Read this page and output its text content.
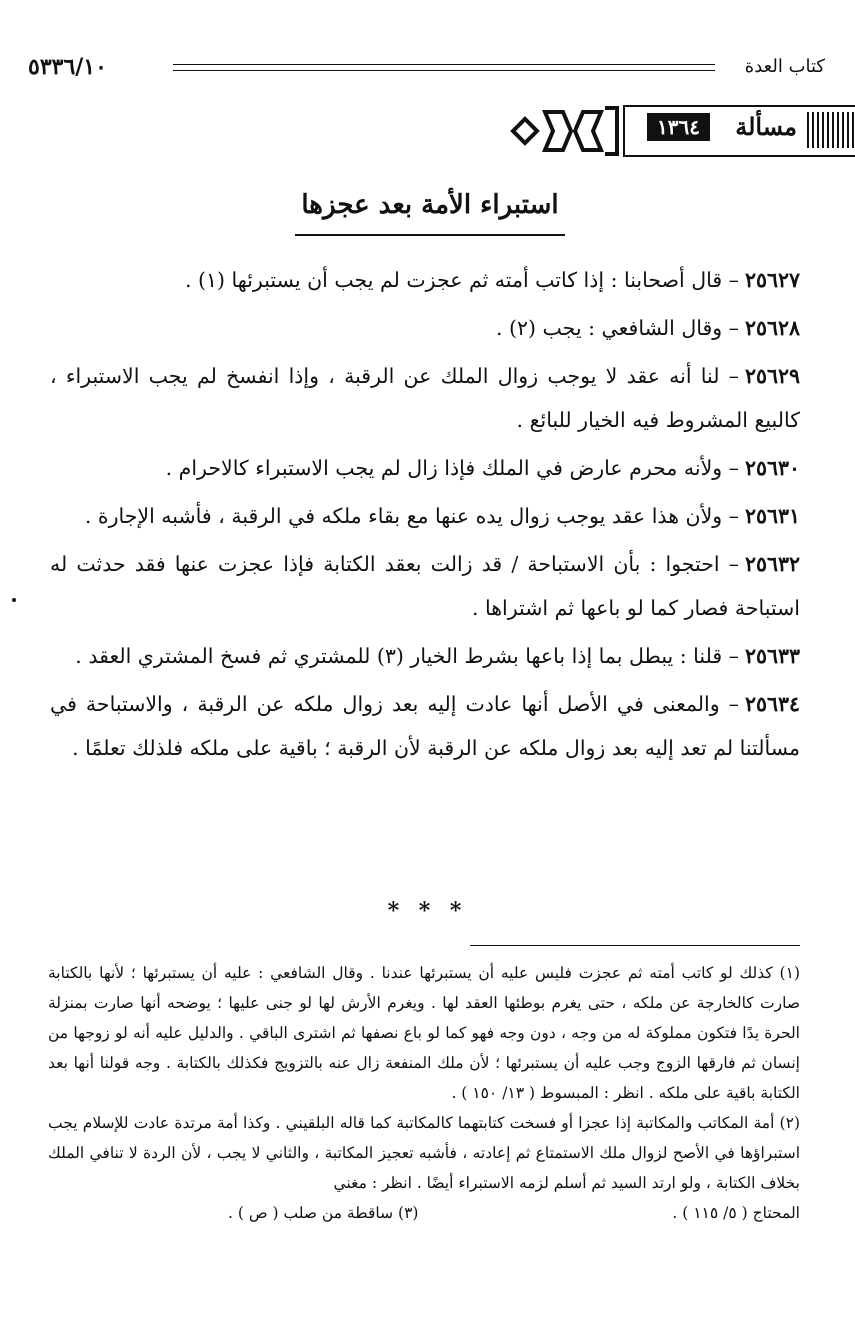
٥٣٣٦/١٠	كتاب العدة
١٣٦٤	مسألة
استبراء الأمة بعد عجزها

٢٥٦٢٧– قال أصحابنا : إذا كاتب أمته ثم عجزت لم يجب أن يستبرئها (١) .

٢٥٦٢٨– وقال الشافعي : يجب (٢) .

٢٥٦٢٩– لنا أنه عقد لا يوجب زوال الملك عن الرقبة ، وإذا انفسخ لم يجب الاستبراء ، كالبيع المشروط فيه الخيار للبائع .

٢٥٦٣٠– ولأنه محرم عارض في الملك فإذا زال لم يجب الاستبراء كالاحرام .

٢٥٦٣١– ولأن هذا عقد يوجب زوال يده عنها مع بقاء ملكه في الرقبة ، فأشبه الإجارة .

٢٥٦٣٢– احتجوا : بأن الاستباحة / قد زالت بعقد الكتابة فإذا عجزت عنها فقد حدثت له استباحة فصار كما لو باعها ثم اشتراها .

٢٥٦٣٣– قلنا : يبطل بما إذا باعها بشرط الخيار (٣) للمشتري ثم فسخ المشتري العقد .

٢٥٦٣٤– والمعنى في الأصل أنها عادت إليه بعد زوال ملكه عن الرقبة ، والاستباحة في مسألتنا لم تعد إليه بعد زوال ملكه عن الرقبة لأن الرقبة ؛ باقية على ملكه فلذلك تعلمًا .

* * *

(١) كذلك لو كاتب أمته ثم عجزت فليس عليه أن يستبرئها عندنا . وقال الشافعي : عليه أن يستبرئها ؛ لأنها بالكتابة صارت كالخارجة عن ملكه ، حتى يغرم بوطئها العقد لها . ويغرم الأرش لها لو جنى عليها ؛ يوضحه أنها صارت بمنزلة الحرة يدًا فتكون مملوكة له من وجه ، دون وجه فهو كما لو باع نصفها ثم اشترى الباقي . والدليل عليه أنه لو زوجها من إنسان ثم فارقها الزوج وجب عليه أن يستبرئها ؛ لأن ملك المنفعة زال عنه بالتزويج فكذلك بالكتابة . وجه قولنا أنها بعد الكتابة باقية على ملكه . انظر : المبسوط ( ١٣/ ١٥٠ ) .

(٢) أمة المكاتب والمكاتبة إذا عجزا أو فسخت كتابتهما كالمكاتبة كما قاله البلقيني . وكذا أمة مرتدة عادت للإسلام يجب استبراؤها في الأصح لزوال ملك الاستمتاع ثم إعادته ، فأشبه تعجيز المكاتبة ، والثاني لا يجب ، لأن الردة لا تنافي الملك بخلاف الكتابة ، ولو ارتد السيد ثم أسلم لزمه الاستبراء أيضًا . انظر : مغني

المحتاج ( ٥/ ١١٥ ) .
(٣) ساقطة من صلب ( ص ) .
